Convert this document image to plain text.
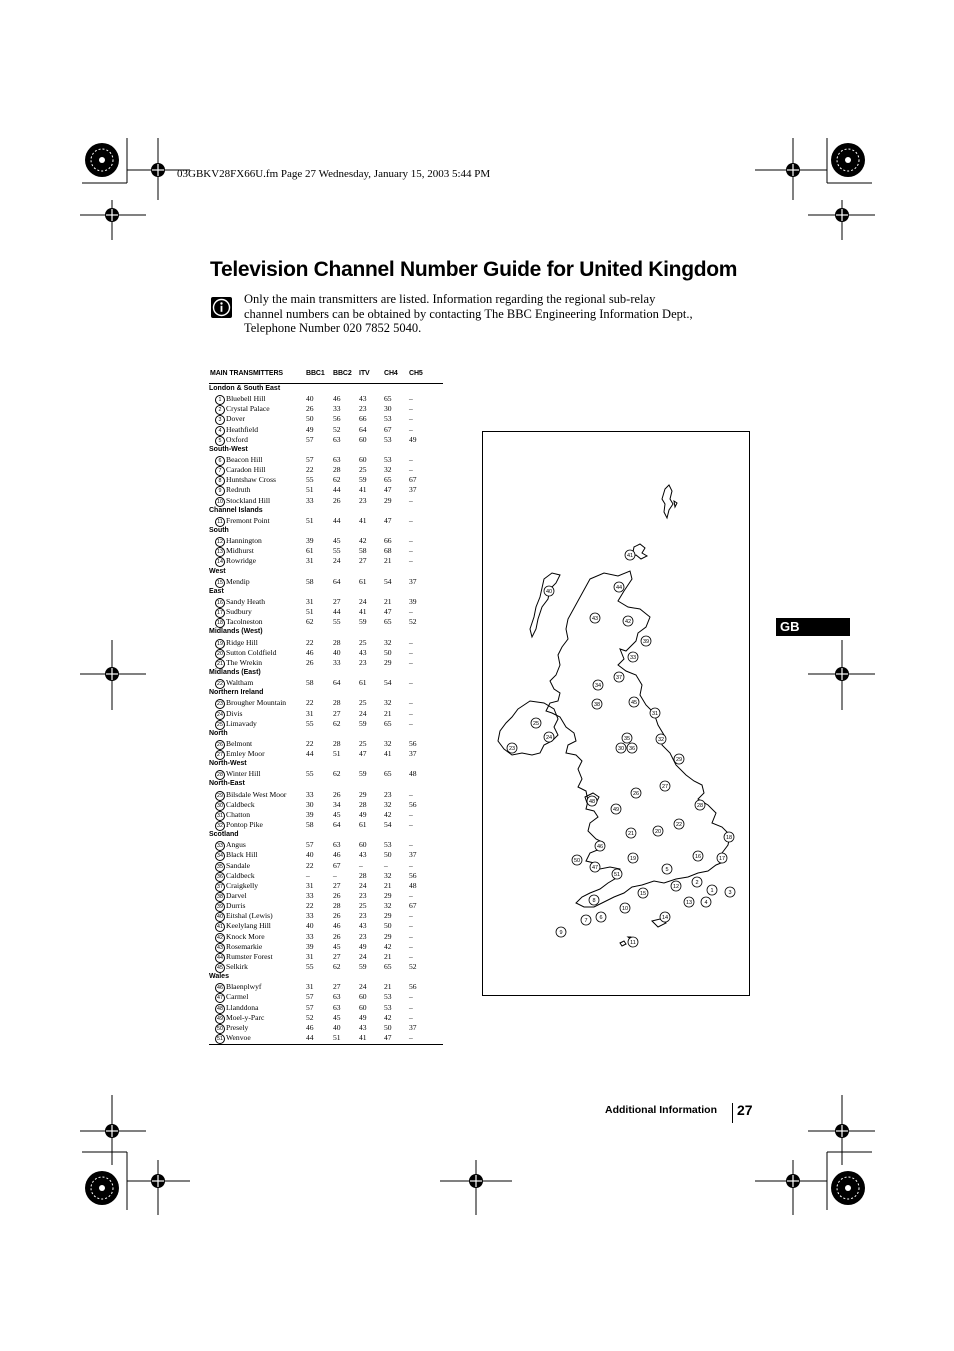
03GBKV28FX66U.fm Page 27 Wednesday, January 15, 2003 5:44 PM
Television Channel Number Guide for United Kingdom
Only the main transmitters are listed. Information regarding the regional sub-relay
channel numbers can be obtained by contacting The BBC Engineering Information Dept.,
Telephone Number 020 7852 5040.
MAIN TRANSMITTERS	BBC1 BBC2 ITV CH4 CH5
London & South East
1 Bluebell Hill	40	46 43 65 –
2 Crystal Palace	26	33 23 30 –
3 Dover	50	56 66 53 –
4 Heathfield	49	52 64 67 –
5 Oxford	57	63 60 53 49
South-West
6 Beacon Hill	57	63 60 53 –
7 Caradon Hill	22	28 25 32 –
8 Huntshaw Cross	55	62 59 65 67
9 Redruth	51	44 41 47 37
10 Stockland Hill	33	26 23 29 –
Channel Islands
11 Fremont Point	51	44 41 47 –
South
12 Hannington	39	45 42 66 –
13 Midhurst	61	55 58 68 –
14 Rowridge	31	24 27 21 –
West
15 Mendip	58	64 61 54 37
East
16 Sandy Heath	31	27 24 21 39
17 Sudbury	51	44 41 47 –
18 Tacolneston	62	55 59 65 52
Midlands (West)
19 Ridge Hill	22	28 25 32 –
20 Sutton Coldfield	46	40 43 50 –
21 The Wrekin	26	33 23 29 –
Midlands (East)
22 Waltham	58	64 61 54 –
Northern Ireland
23 Brougher Mountain	22	28 25 32 –
24 Divis	31	27 24 21 –
25 Limavady	55	62 59 65 –
North
26 Belmont	22	28 25 32 56
27 Emley Moor	44	51 47 41 37
North-West
28 Winter Hill	55	62 59 65 48
North-East
29 Bilsdale West Moor	33	26 29 23 –
30 Caldbeck	30	34 28 32 56
31 Chatton	39	45 49 42 –
32 Pontop Pike	58	64 61 54 –
Scotland
33 Angus	57	63 60 53 –
34 Black Hill	40	46 43 50 37
35 Sandale	22	67 –	–	–
36 Caldbeck	–	–	28 32 56
37 Craigkelly	31	27 24 21 48
38 Darvel	33	26 23 29 –
39 Durris	22	28 25 32 67
40 Eitshal (Lewis)	33	26 23 29 –
41 Keelylang Hill	40	46 43 50 –
42 Knock More	33	26 23 29 –
43 Rosemarkie	39	45 49 42 –
44 Rumster Forest	31	27 24 21 –
45 Selkirk	55	62 59 65 52
Wales
46 Blaenplwyf	31	27 24 21 56
47 Carmel	57	63 60 53 –
48 Llanddona	57	63 60 53 –
49 Moel-y-Parc	52	45 49 42 –
50 Presely	46	40 43 50 37
51 Wenvoe	44	51 41 47 –
GB
40
44
41
43	42
39
33
37
34
38	45
31
25
24
23
35
36
30
32
29
27
26
48
28
49
22
20
21
18
46
50
47
19	16	17
5
51
2
12
1	3
15
8	13 4
10
14
6
7
9
11
Additional Information 27
